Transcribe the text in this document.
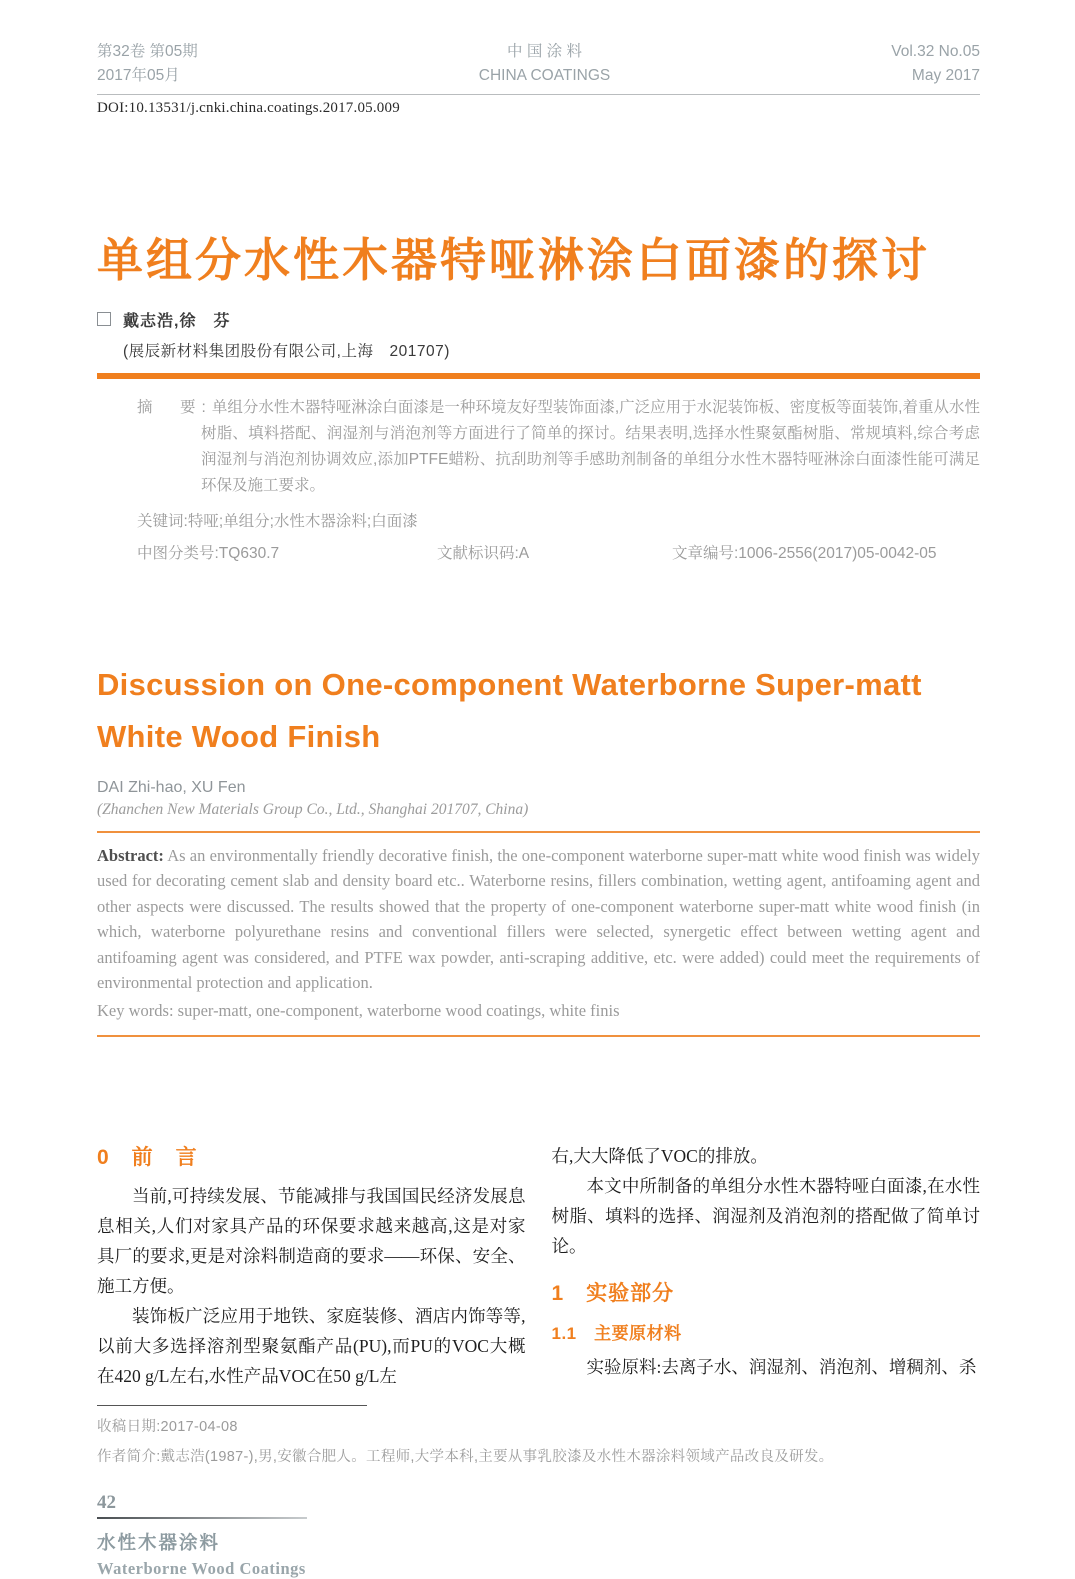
第32卷 第05期
2017年05月
中 国 涂 料
CHINA COATINGS
Vol.32 No.05
May 2017
DOI:10.13531/j.cnki.china.coatings.2017.05.009
单组分水性木器特哑淋涂白面漆的探讨
戴志浩,徐　芬
(展辰新材料集团股份有限公司,上海　201707)
摘　要:单组分水性木器特哑淋涂白面漆是一种环境友好型装饰面漆,广泛应用于水泥装饰板、密度板等面装饰,着重从水性树脂、填料搭配、润湿剂与消泡剂等方面进行了简单的探讨。结果表明,选择水性聚氨酯树脂、常规填料,综合考虑润湿剂与消泡剂协调效应,添加PTFE蜡粉、抗刮助剂等手感助剂制备的单组分水性木器特哑淋涂白面漆性能可满足环保及施工要求。
关键词:特哑;单组分;水性木器涂料;白面漆
中图分类号:TQ630.7	文献标识码:A	文章编号:1006-2556(2017)05-0042-05
Discussion on One-component Waterborne Super-matt
White Wood Finish
DAI Zhi-hao, XU Fen
(Zhanchen New Materials Group Co., Ltd., Shanghai 201707, China)
Abstract: As an environmentally friendly decorative finish, the one-component waterborne super-matt white wood finish was widely used for decorating cement slab and density board etc.. Waterborne resins, fillers combination, wetting agent, antifoaming agent and other aspects were discussed. The results showed that the property of one-component waterborne super-matt white wood finish (in which, waterborne polyurethane resins and conventional fillers were selected, synergetic effect between wetting agent and antifoaming agent was considered, and PTFE wax powder, anti-scraping additive, etc. were added) could meet the requirements of environmental protection and application.
Key words: super-matt, one-component, waterborne wood coatings, white finis
0　前　言

当前,可持续发展、节能减排与我国国民经济发展息息相关,人们对家具产品的环保要求越来越高,这是对家具厂的要求,更是对涂料制造商的要求——环保、安全、施工方便。

装饰板广泛应用于地铁、家庭装修、酒店内饰等等,以前大多选择溶剂型聚氨酯产品(PU),而PU的VOC大概在420 g/L左右,水性产品VOC在50 g/L左

右,大大降低了VOC的排放。

本文中所制备的单组分水性木器特哑白面漆,在水性树脂、填料的选择、润湿剂及消泡剂的搭配做了简单讨论。

1　实验部分
1.1　主要原材料

实验原料:去离子水、润湿剂、消泡剂、增稠剂、杀

收稿日期:2017-04-08
作者简介:戴志浩(1987-),男,安徽合肥人。工程师,大学本科,主要从事乳胶漆及水性木器涂料领域产品改良及研发。
42
水性木器涂料
Waterborne Wood Coatings
